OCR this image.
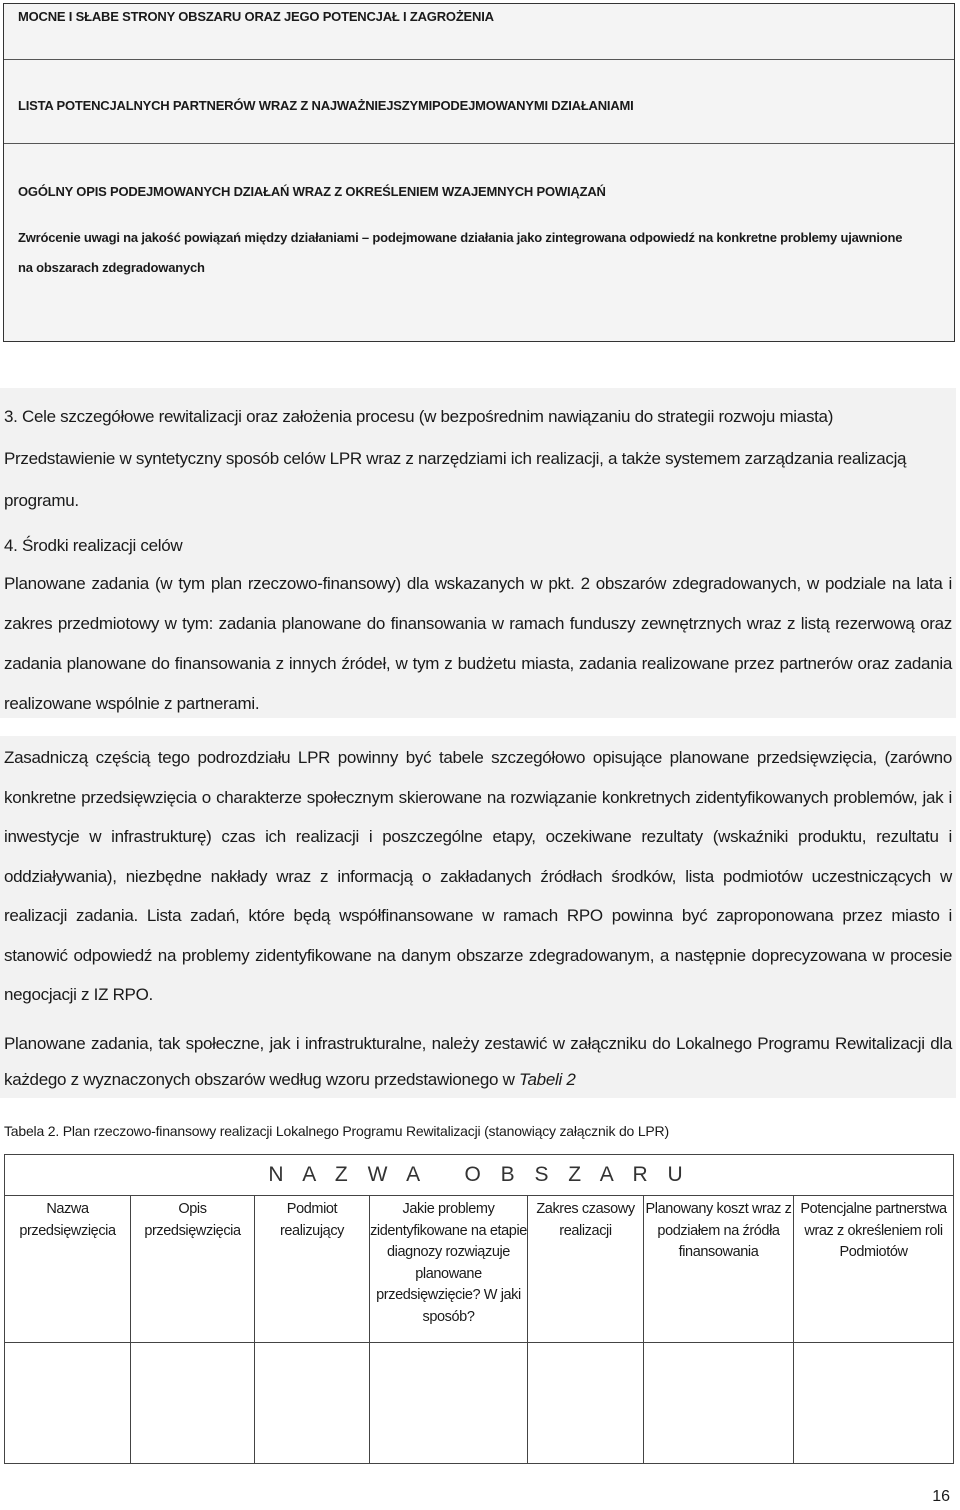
MOCNE I SŁABE STRONY OBSZARU ORAZ JEGO POTENCJAŁ I ZAGROŻENIA
LISTA POTENCJALNYCH PARTNERÓW WRAZ Z NAJWAŻNIEJSZYMIPODEJMOWANYMI DZIAŁANIAMI
OGÓLNY OPIS PODEJMOWANYCH DZIAŁAŃ WRAZ Z OKREŚLENIEM WZAJEMNYCH POWIĄZAŃ
Zwrócenie uwagi na jakość powiązań między działaniami – podejmowane działania jako zintegrowana odpowiedź na konkretne problemy ujawnione na obszarach zdegradowanych
3. Cele szczegółowe rewitalizacji oraz założenia procesu (w bezpośrednim nawiązaniu do strategii rozwoju miasta)
Przedstawienie w syntetyczny sposób celów LPR wraz z narzędziami ich realizacji, a także systemem zarządzania realizacją programu.
4. Środki realizacji celów
Planowane zadania (w tym plan rzeczowo-finansowy) dla wskazanych w pkt. 2 obszarów zdegradowanych, w podziale na lata i zakres przedmiotowy w tym: zadania planowane do finansowania w ramach funduszy zewnętrznych wraz z listą rezerwową oraz zadania planowane do finansowania z innych źródeł, w tym z budżetu miasta, zadania realizowane przez partnerów oraz zadania realizowane wspólnie z partnerami.
Zasadniczą częścią tego podrozdziału LPR powinny być tabele szczegółowo opisujące planowane przedsięwzięcia, (zarówno konkretne przedsięwzięcia o charakterze społecznym skierowane na rozwiązanie konkretnych zidentyfikowanych problemów, jak i inwestycje w infrastrukturę) czas ich realizacji i poszczególne etapy, oczekiwane rezultaty (wskaźniki produktu, rezultatu i oddziaływania), niezbędne nakłady wraz z informacją o zakładanych źródłach środków, lista podmiotów uczestniczących w realizacji zadania. Lista zadań, które będą współfinansowane w ramach RPO powinna być zaproponowana przez miasto i stanowić odpowiedź na problemy zidentyfikowane na danym obszarze zdegradowanym, a następnie doprecyzowana w procesie negocjacji z IZ RPO.
Planowane zadania, tak społeczne, jak i infrastrukturalne, należy zestawić w załączniku do Lokalnego Programu Rewitalizacji dla każdego z wyznaczonych obszarów według wzoru przedstawionego w Tabeli 2
Tabela 2. Plan rzeczowo-finansowy realizacji Lokalnego Programu Rewitalizacji (stanowiący załącznik do LPR)
N A Z W A   O B S Z A R U						
Nazwa przedsięwzięcia	Opis przedsięwzięcia	Podmiot realizujący	Jakie problemy zidentyfikowane na etapie diagnozy rozwiązuje planowane przedsięwzięcie? W jaki sposób?	Zakres czasowy realizacji	Planowany koszt wraz z podziałem na źródła finansowania	Potencjalne partnerstwa wraz z określeniem roli Podmiotów

16
